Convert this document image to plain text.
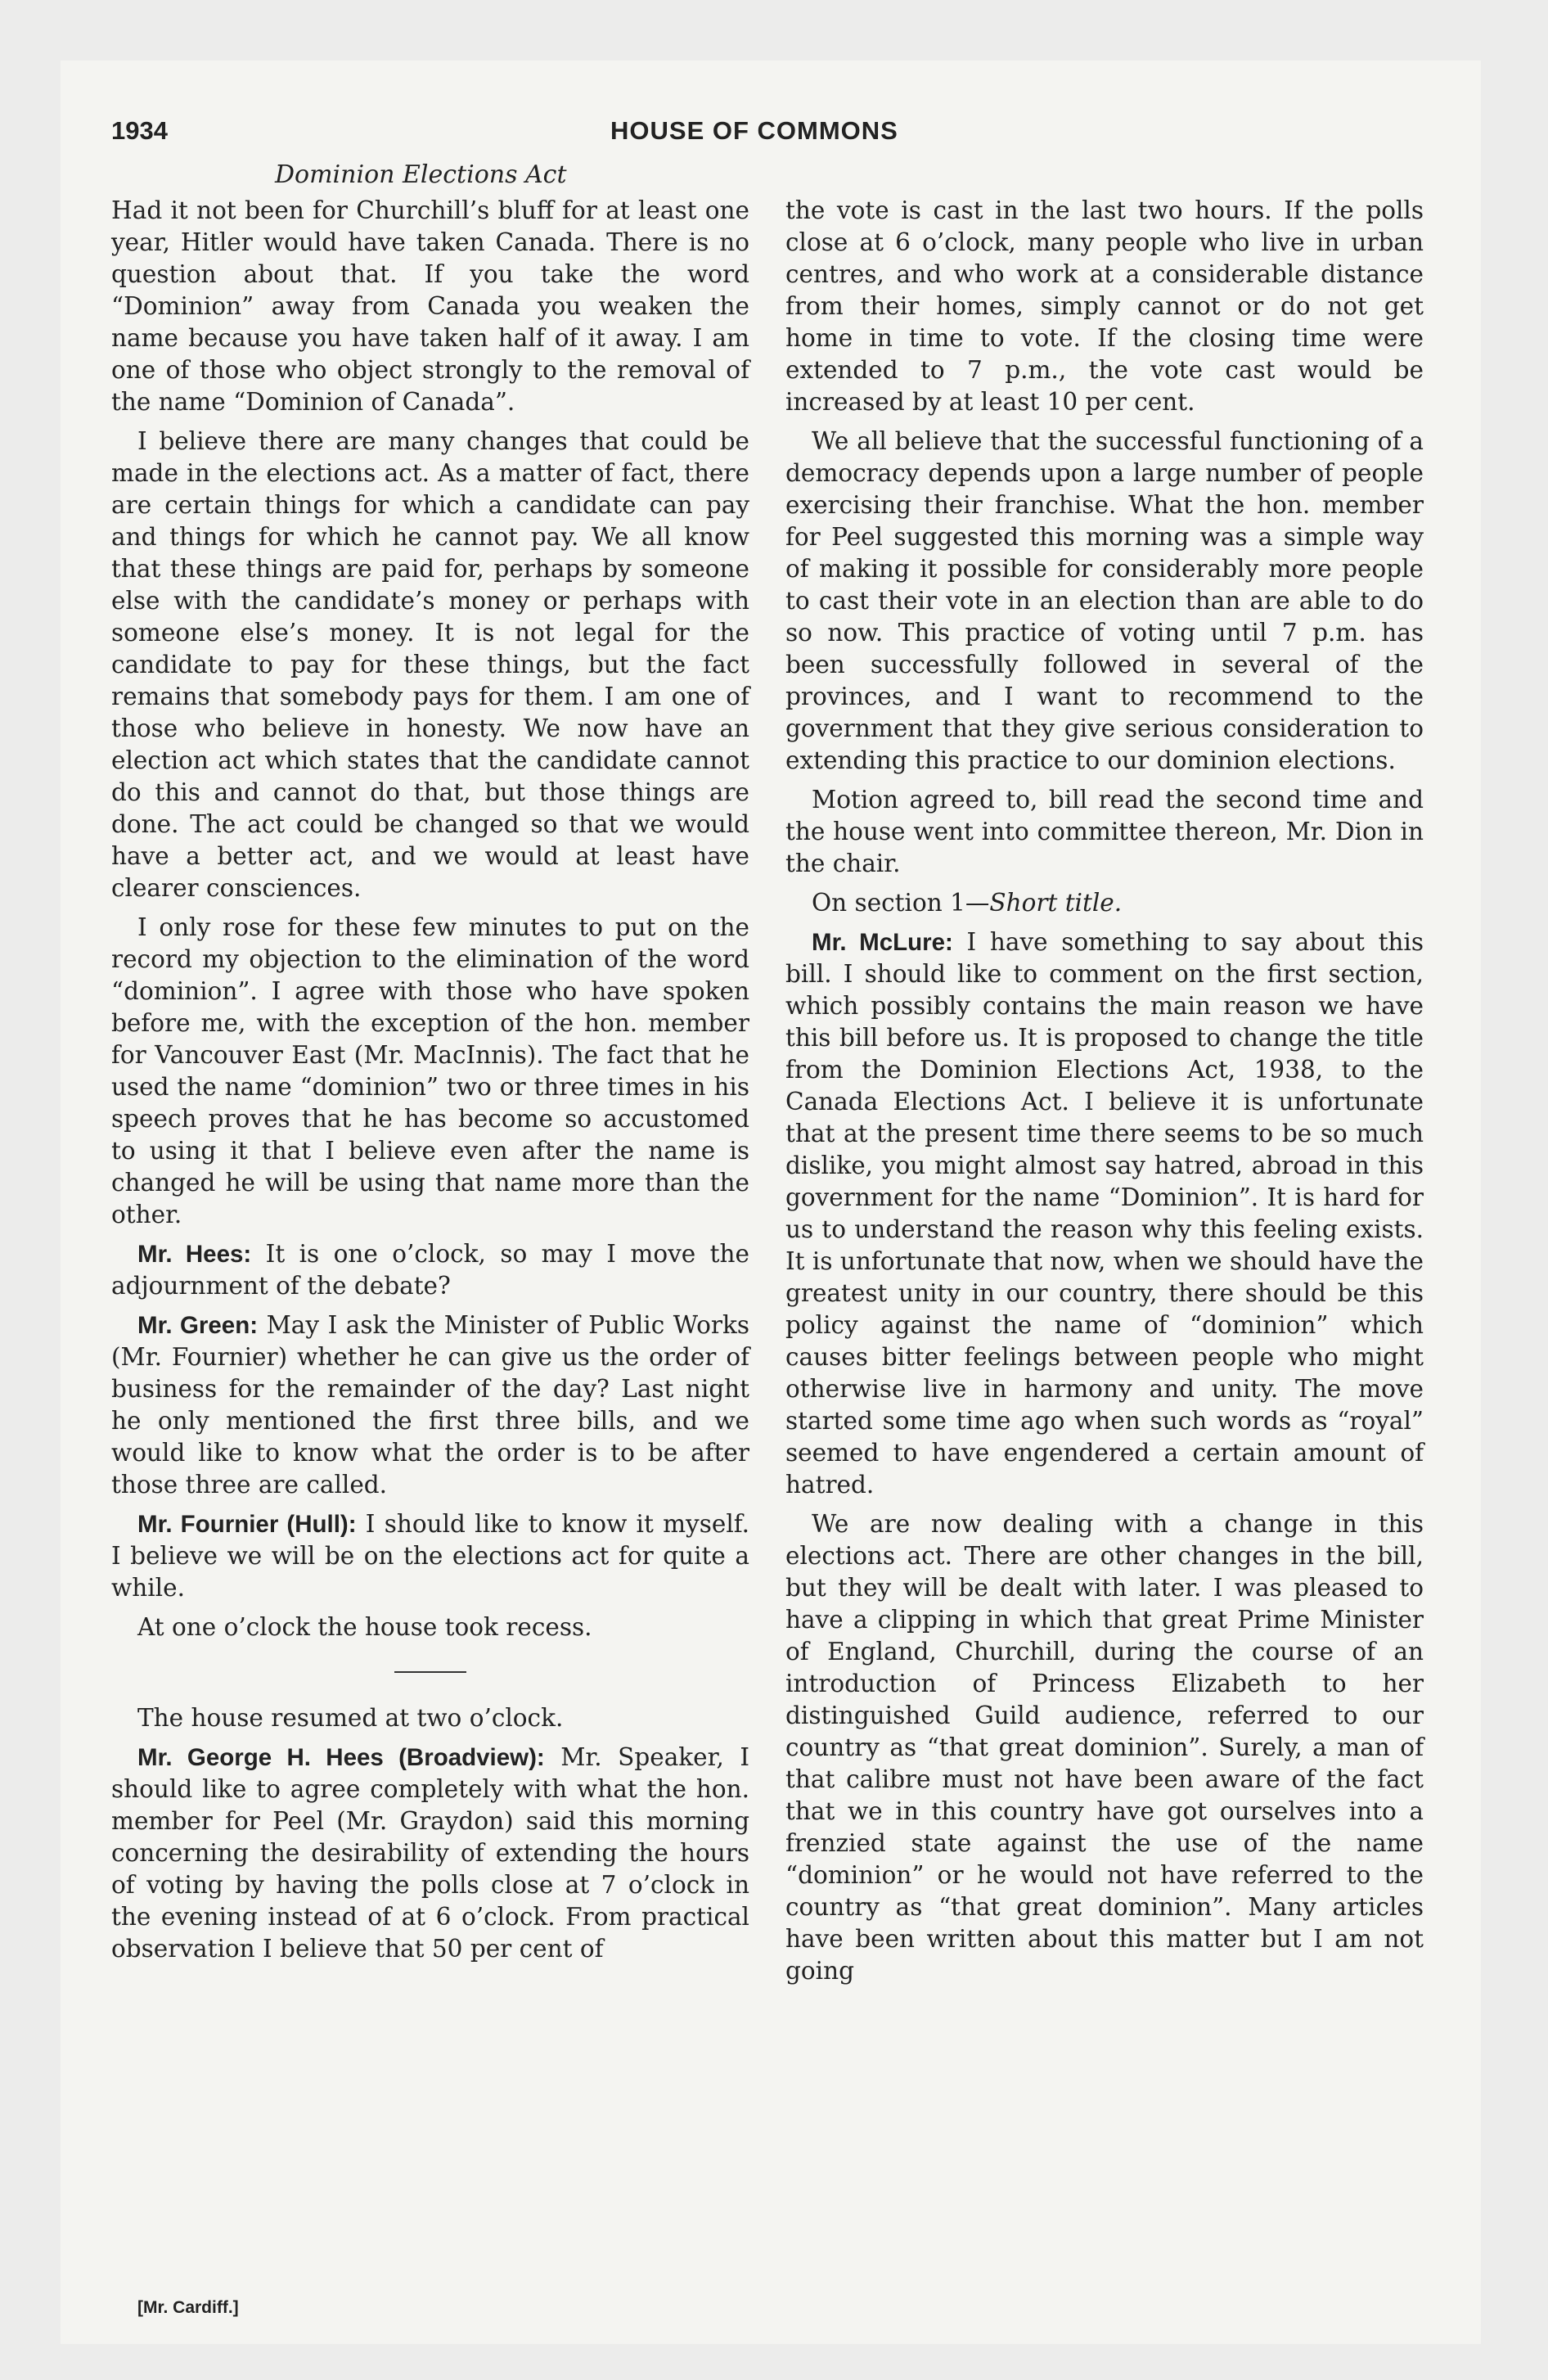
1934	HOUSE OF COMMONS
Dominion Elections Act

Had it not been for Churchill’s bluff for at least one year, Hitler would have taken Canada. There is no question about that. If you take the word “Dominion” away from Canada you weaken the name because you have taken half of it away. I am one of those who object strongly to the removal of the name “Dominion of Canada”.

I believe there are many changes that could be made in the elections act. As a matter of fact, there are certain things for which a candidate can pay and things for which he cannot pay. We all know that these things are paid for, perhaps by someone else with the candidate’s money or perhaps with someone else’s money. It is not legal for the candidate to pay for these things, but the fact remains that somebody pays for them. I am one of those who believe in honesty. We now have an election act which states that the candidate cannot do this and cannot do that, but those things are done. The act could be changed so that we would have a better act, and we would at least have clearer consciences.

I only rose for these few minutes to put on the record my objection to the elimination of the word “dominion”. I agree with those who have spoken before me, with the exception of the hon. member for Vancouver East (Mr. MacInnis). The fact that he used the name “dominion” two or three times in his speech proves that he has become so accustomed to using it that I believe even after the name is changed he will be using that name more than the other.

Mr. Hees: It is one o’clock, so may I move the adjournment of the debate?

Mr. Green: May I ask the Minister of Public Works (Mr. Fournier) whether he can give us the order of business for the remainder of the day? Last night he only mentioned the first three bills, and we would like to know what the order is to be after those three are called.

Mr. Fournier (Hull): I should like to know it myself. I believe we will be on the elections act for quite a while.

At one o’clock the house took recess.

The house resumed at two o’clock.

Mr. George H. Hees (Broadview): Mr. Speaker, I should like to agree completely with what the hon. member for Peel (Mr. Graydon) said this morning concerning the desirability of extending the hours of voting by having the polls close at 7 o’clock in the evening instead of at 6 o’clock. From practical observation I believe that 50 per cent of

the vote is cast in the last two hours. If the polls close at 6 o’clock, many people who live in urban centres, and who work at a considerable distance from their homes, simply cannot or do not get home in time to vote. If the closing time were extended to 7 p.m., the vote cast would be increased by at least 10 per cent.

We all believe that the successful functioning of a democracy depends upon a large number of people exercising their franchise. What the hon. member for Peel suggested this morning was a simple way of making it possible for considerably more people to cast their vote in an election than are able to do so now. This practice of voting until 7 p.m. has been successfully followed in several of the provinces, and I want to recommend to the government that they give serious consideration to extending this practice to our dominion elections.

Motion agreed to, bill read the second time and the house went into committee thereon, Mr. Dion in the chair.

On section 1—Short title.

Mr. McLure: I have something to say about this bill. I should like to comment on the first section, which possibly contains the main reason we have this bill before us. It is proposed to change the title from the Dominion Elections Act, 1938, to the Canada Elections Act. I believe it is unfortunate that at the present time there seems to be so much dislike, you might almost say hatred, abroad in this government for the name “Dominion”. It is hard for us to understand the reason why this feeling exists. It is unfortunate that now, when we should have the greatest unity in our country, there should be this policy against the name of “dominion” which causes bitter feelings between people who might otherwise live in harmony and unity. The move started some time ago when such words as “royal” seemed to have engendered a certain amount of hatred.

We are now dealing with a change in this elections act. There are other changes in the bill, but they will be dealt with later. I was pleased to have a clipping in which that great Prime Minister of England, Churchill, during the course of an introduction of Princess Elizabeth to her distinguished Guild audience, referred to our country as “that great dominion”. Surely, a man of that calibre must not have been aware of the fact that we in this country have got ourselves into a frenzied state against the use of the name “dominion” or he would not have referred to the country as “that great dominion”. Many articles have been written about this matter but I am not going

[Mr. Cardiff.]
